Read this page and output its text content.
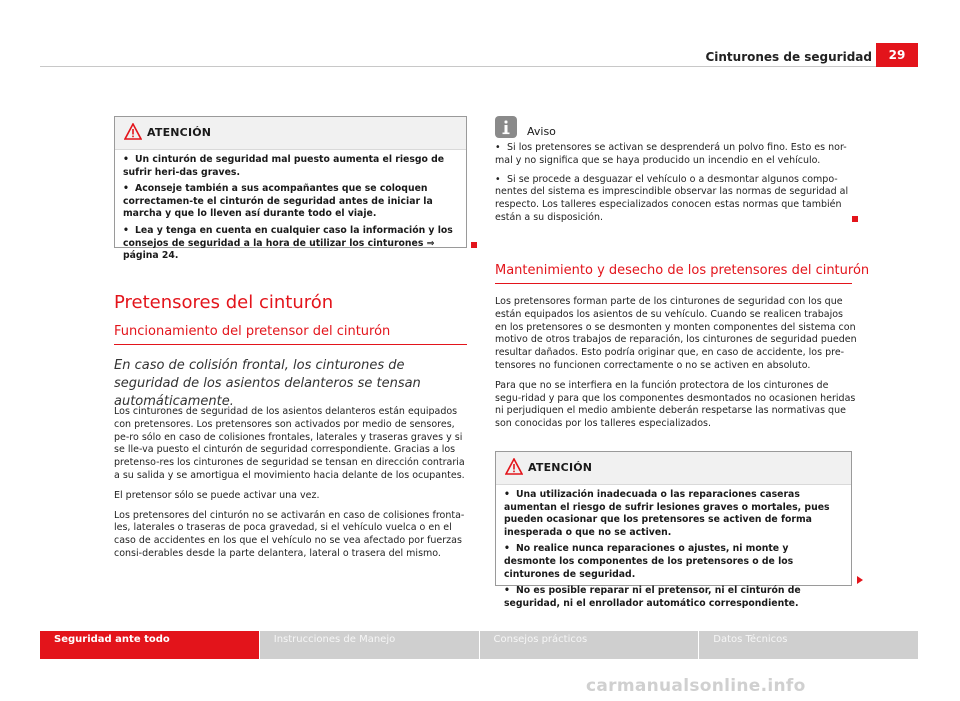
Cinturones de seguridad	29
ATENCIÓN

• Un cinturón de seguridad mal puesto aumenta el riesgo de sufrir heri-das graves.

• Aconseje también a sus acompañantes que se coloquen correctamen-te el cinturón de seguridad antes de iniciar la marcha y que lo lleven así durante todo el viaje.

• Lea y tenga en cuenta en cualquier caso la información y los consejos de seguridad a la hora de utilizar los cinturones ⇒ página 24.

Pretensores del cinturón
Funcionamiento del pretensor del cinturón
En caso de colisión frontal, los cinturones de seguridad de los asientos delanteros se tensan automáticamente.

Los cinturones de seguridad de los asientos delanteros están equipados con pretensores. Los pretensores son activados por medio de sensores, pe-ro sólo en caso de colisiones frontales, laterales y traseras graves y si se lle-va puesto el cinturón de seguridad correspondiente. Gracias a los pretenso-res los cinturones de seguridad se tensan en dirección contraria a su salida y se amortigua el movimiento hacia delante de los ocupantes.

El pretensor sólo se puede activar una vez.

Los pretensores del cinturón no se activarán en caso de colisiones fronta-les, laterales o traseras de poca gravedad, si el vehículo vuelca o en el caso de accidentes en los que el vehículo no se vea afectado por fuerzas consi-derables desde la parte delantera, lateral o trasera del mismo.

Aviso

• Si los pretensores se activan se desprenderá un polvo fino. Esto es nor-mal y no significa que se haya producido un incendio en el vehículo.

• Si se procede a desguazar el vehículo o a desmontar algunos compo-nentes del sistema es imprescindible observar las normas de seguridad al respecto. Los talleres especializados conocen estas normas que también están a su disposición.

Mantenimiento y desecho de los pretensores del cinturón

Los pretensores forman parte de los cinturones de seguridad con los que están equipados los asientos de su vehículo. Cuando se realicen trabajos en los pretensores o se desmonten y monten componentes del sistema con motivo de otros trabajos de reparación, los cinturones de seguridad pueden resultar dañados. Esto podría originar que, en caso de accidente, los pre-tensores no funcionen correctamente o no se activen en absoluto.

Para que no se interfiera en la función protectora de los cinturones de segu-ridad y para que los componentes desmontados no ocasionen heridas ni perjudiquen el medio ambiente deberán respetarse las normativas que son conocidas por los talleres especializados.

ATENCIÓN

• Una utilización inadecuada o las reparaciones caseras aumentan el riesgo de sufrir lesiones graves o mortales, pues pueden ocasionar que los pretensores se activen de forma inesperada o que no se activen.

• No realice nunca reparaciones o ajustes, ni monte y desmonte los componentes de los pretensores o de los cinturones de seguridad.

• No es posible reparar ni el pretensor, ni el cinturón de seguridad, ni el enrollador automático correspondiente.

Seguridad ante todo	Instrucciones de Manejo	Consejos prácticos	Datos Técnicos
carmanualsonline.info
